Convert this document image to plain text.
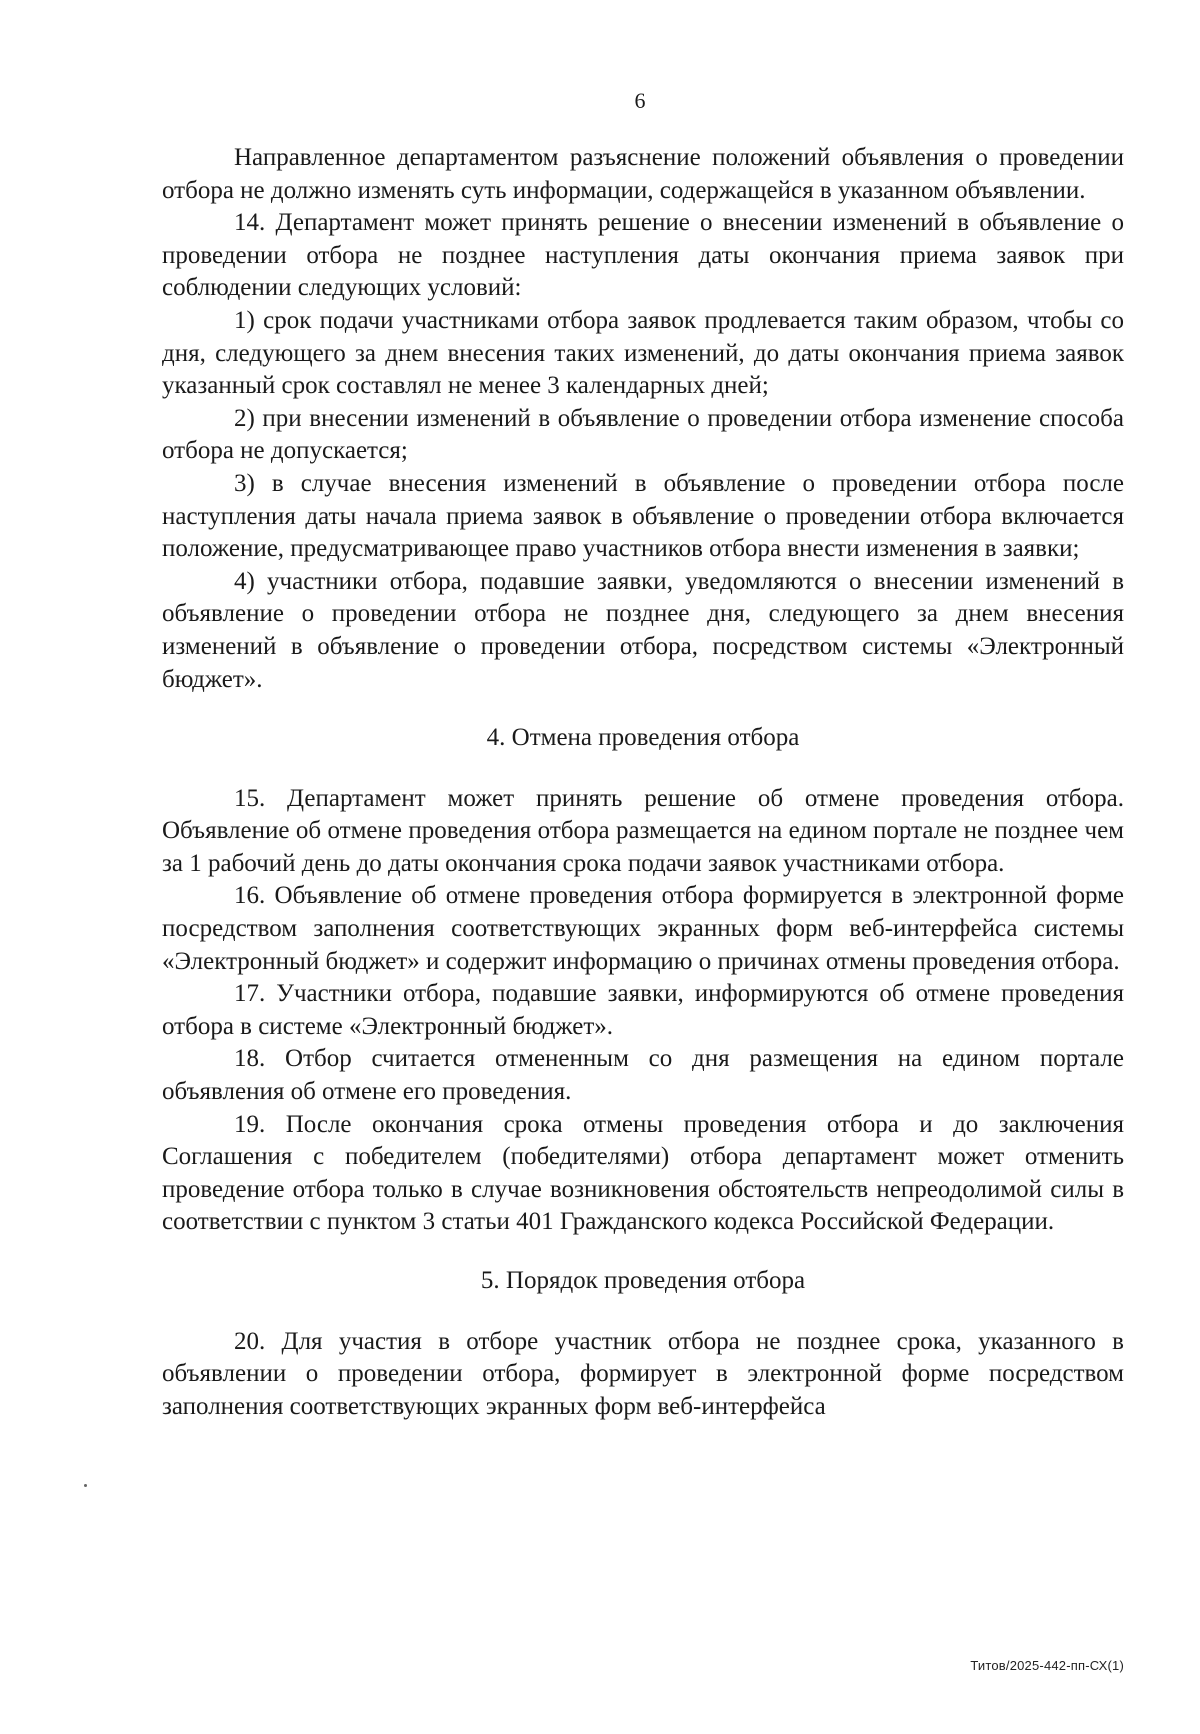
6

Направленное департаментом разъяснение положений объявления о проведении отбора не должно изменять суть информации, содержащейся в указанном объявлении.

14. Департамент может принять решение о внесении изменений в объявление о проведении отбора не позднее наступления даты окончания приема заявок при соблюдении следующих условий:

1) срок подачи участниками отбора заявок продлевается таким образом, чтобы со дня, следующего за днем внесения таких изменений, до даты окончания приема заявок указанный срок составлял не менее 3 календарных дней;

2) при внесении изменений в объявление о проведении отбора изменение способа отбора не допускается;

3) в случае внесения изменений в объявление о проведении отбора после наступления даты начала приема заявок в объявление о проведении отбора включается положение, предусматривающее право участников отбора внести изменения в заявки;

4) участники отбора, подавшие заявки, уведомляются о внесении изменений в объявление о проведении отбора не позднее дня, следующего за днем внесения изменений в объявление о проведении отбора, посредством системы «Электронный бюджет».

4. Отмена проведения отбора

15. Департамент может принять решение об отмене проведения отбора. Объявление об отмене проведения отбора размещается на едином портале не позднее чем за 1 рабочий день до даты окончания срока подачи заявок участниками отбора.

16. Объявление об отмене проведения отбора формируется в электронной форме посредством заполнения соответствующих экранных форм веб-интерфейса системы «Электронный бюджет» и содержит информацию о причинах отмены проведения отбора.

17. Участники отбора, подавшие заявки, информируются об отмене проведения отбора в системе «Электронный бюджет».

18. Отбор считается отмененным со дня размещения на едином портале объявления об отмене его проведения.

19. После окончания срока отмены проведения отбора и до заключения Соглашения с победителем (победителями) отбора департамент может отменить проведение отбора только в случае возникновения обстоятельств непреодолимой силы в соответствии с пунктом 3 статьи 401 Гражданского кодекса Российской Федерации.

5. Порядок проведения отбора

20. Для участия в отборе участник отбора не позднее срока, указанного в объявлении о проведении отбора, формирует в электронной форме посредством заполнения соответствующих экранных форм веб-интерфейса

Титов/2025-442-пп-СХ(1)
